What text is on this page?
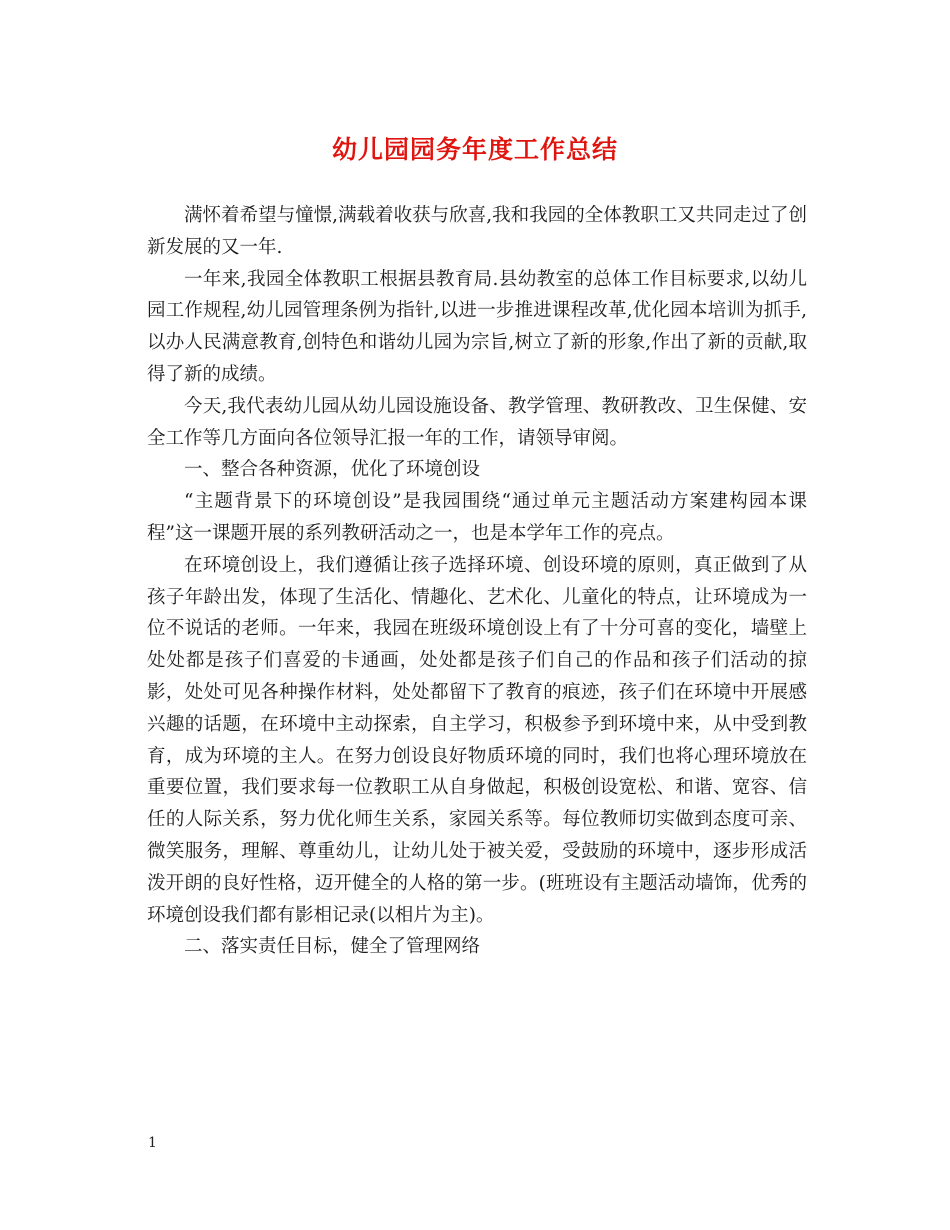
幼儿园园务年度工作总结

满怀着希望与憧憬,满载着收获与欣喜,我和我园的全体教职工又共同走过了创新发展的又一年.

一年来,我园全体教职工根据县教育局.县幼教室的总体工作目标要求,以幼儿园工作规程,幼儿园管理条例为指针,以进一步推进课程改革,优化园本培训为抓手,以办人民满意教育,创特色和谐幼儿园为宗旨,树立了新的形象,作出了新的贡献,取得了新的成绩。

今天,我代表幼儿园从幼儿园设施设备、教学管理、教研教改、卫生保健、安全工作等几方面向各位领导汇报一年的工作，请领导审阅。

一、整合各种资源，优化了环境创设

“主题背景下的环境创设”是我园围绕“通过单元主题活动方案建构园本课程”这一课题开展的系列教研活动之一，也是本学年工作的亮点。

在环境创设上，我们遵循让孩子选择环境、创设环境的原则，真正做到了从孩子年龄出发，体现了生活化、情趣化、艺术化、儿童化的特点，让环境成为一位不说话的老师。一年来，我园在班级环境创设上有了十分可喜的变化，墙壁上处处都是孩子们喜爱的卡通画，处处都是孩子们自己的作品和孩子们活动的掠影，处处可见各种操作材料，处处都留下了教育的痕迹，孩子们在环境中开展感兴趣的话题，在环境中主动探索，自主学习，积极参予到环境中来，从中受到教育，成为环境的主人。在努力创设良好物质环境的同时，我们也将心理环境放在重要位置，我们要求每一位教职工从自身做起，积极创设宽松、和谐、宽容、信任的人际关系，努力优化师生关系，家园关系等。每位教师切实做到态度可亲、微笑服务，理解、尊重幼儿，让幼儿处于被关爱，受鼓励的环境中，逐步形成活泼开朗的良好性格，迈开健全的人格的第一步。(班班设有主题活动墙饰，优秀的环境创设我们都有影相记录(以相片为主)。

二、落实责任目标，健全了管理网络

1
